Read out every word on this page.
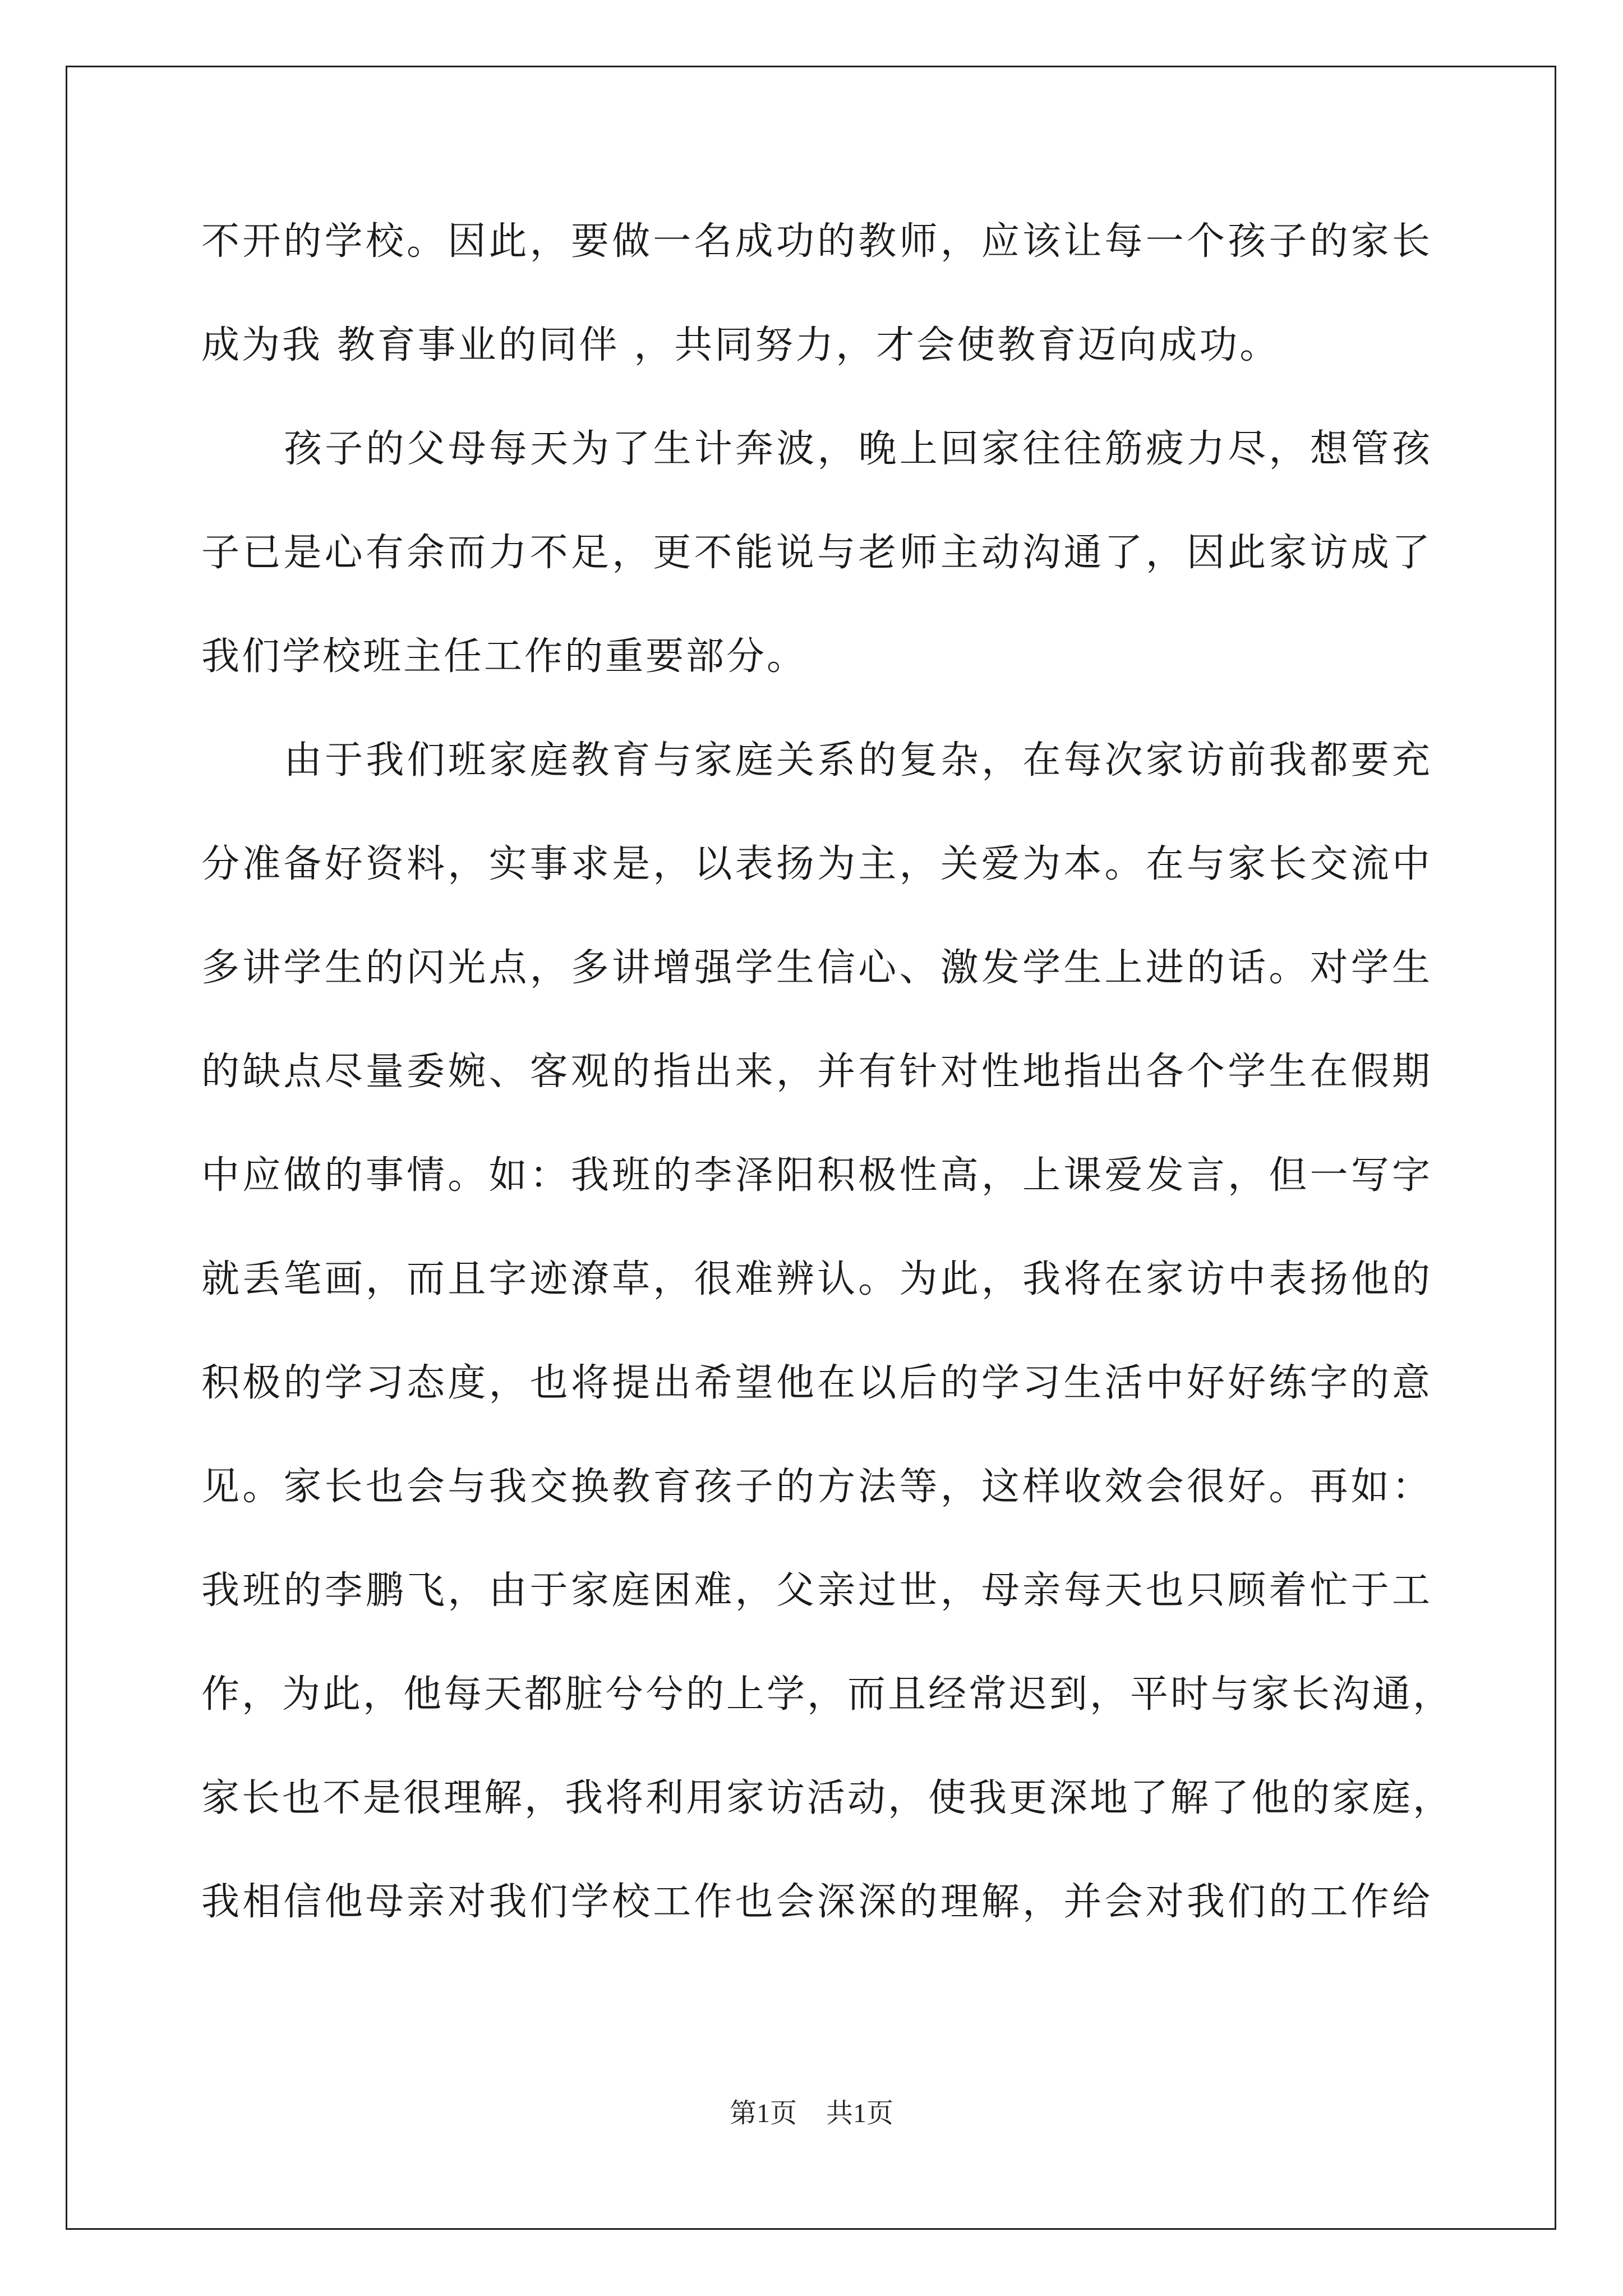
不开的学校。因此，要做一名成功的教师，应该让每一个孩子的家长
成为我 教育事业的同伴 ，共同努力，才会使教育迈向成功。
孩子的父母每天为了生计奔波，晚上回家往往筋疲力尽，想管孩
子已是心有余而力不足，更不能说与老师主动沟通了，因此家访成了
我们学校班主任工作的重要部分。
由于我们班家庭教育与家庭关系的复杂，在每次家访前我都要充
分准备好资料，实事求是，以表扬为主，关爱为本。在与家长交流中
多讲学生的闪光点，多讲增强学生信心、激发学生上进的话。对学生
的缺点尽量委婉、客观的指出来，并有针对性地指出各个学生在假期
中应做的事情。如：我班的李泽阳积极性高，上课爱发言，但一写字
就丢笔画，而且字迹潦草，很难辨认。为此，我将在家访中表扬他的
积极的学习态度，也将提出希望他在以后的学习生活中好好练字的意
见。家长也会与我交换教育孩子的方法等，这样收效会很好。再如：
我班的李鹏飞，由于家庭困难，父亲过世，母亲每天也只顾着忙于工
作，为此，他每天都脏兮兮的上学，而且经常迟到，平时与家长沟通，
家长也不是很理解，我将利用家访活动，使我更深地了解了他的家庭，
我相信他母亲对我们学校工作也会深深的理解，并会对我们的工作给
第1页 共1页
